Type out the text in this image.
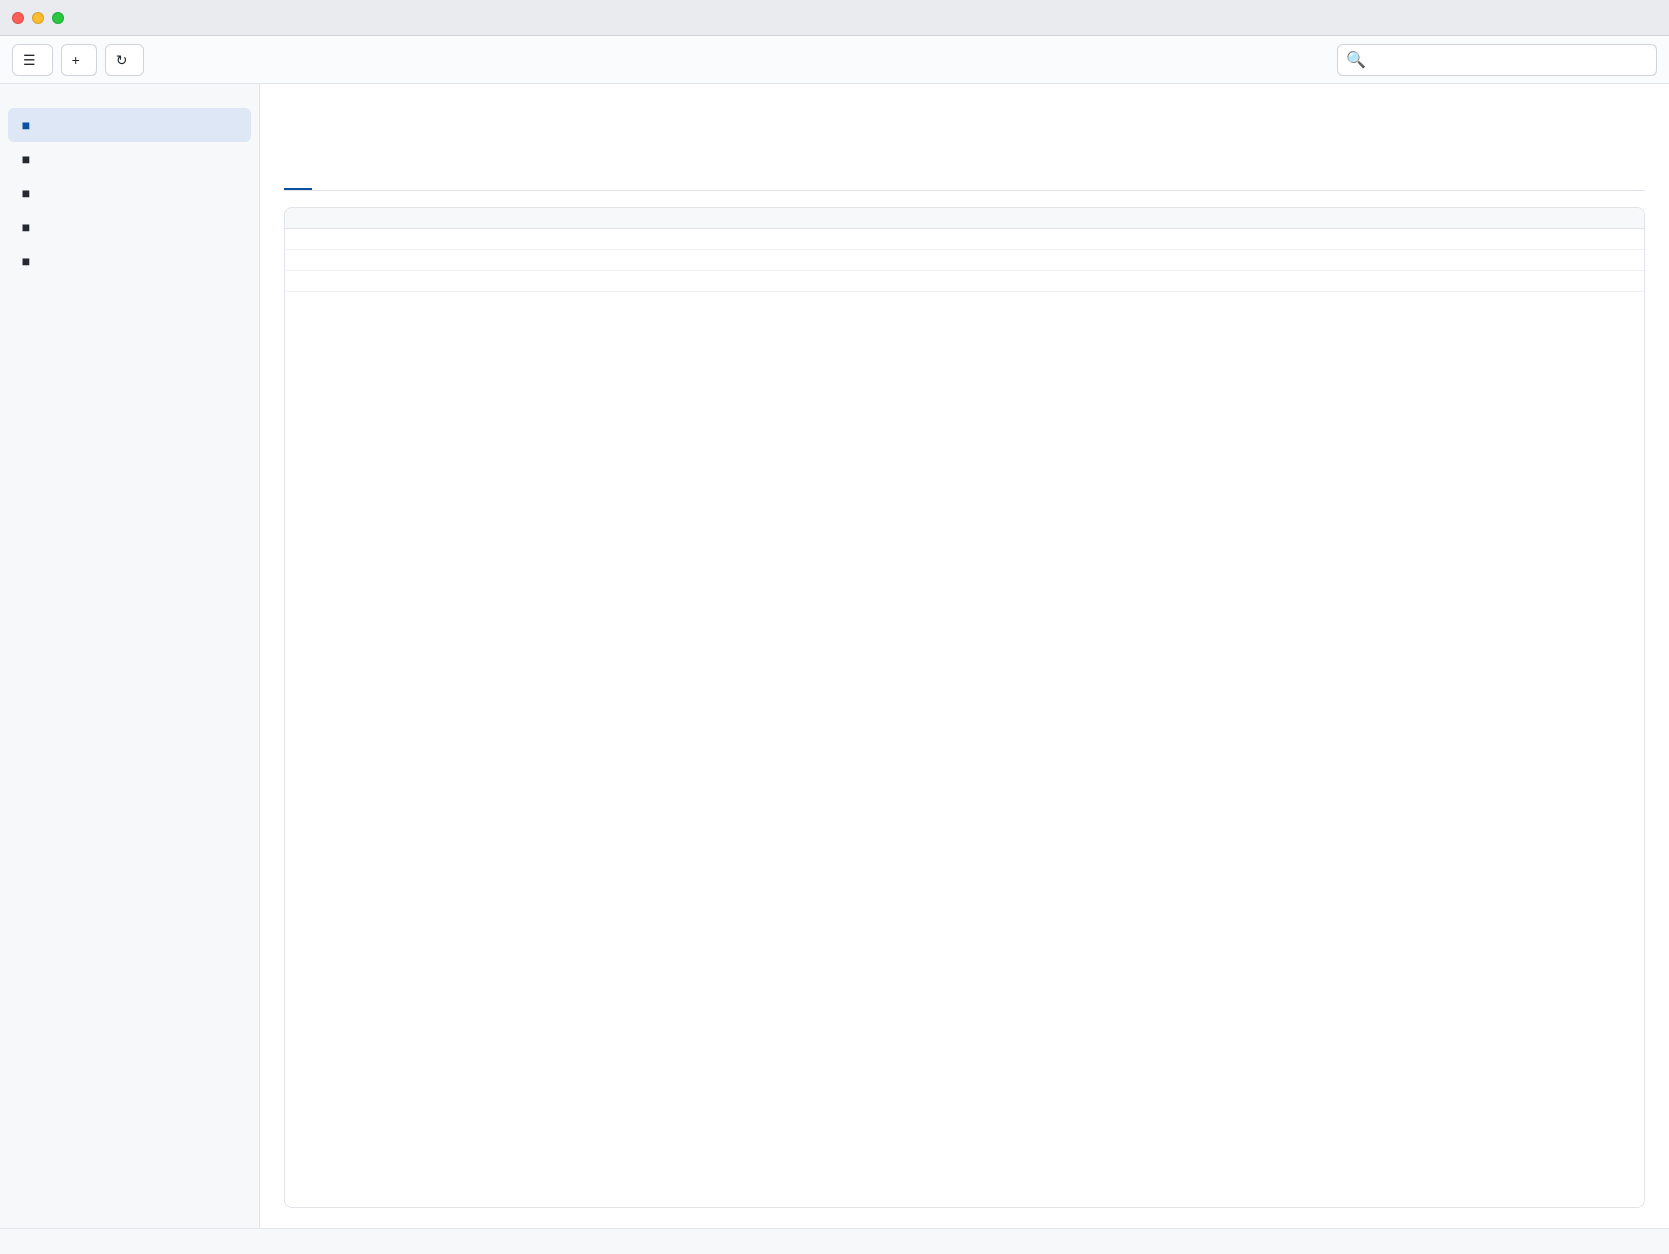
☰	+	↻	🔍
■
■
■
■
■
